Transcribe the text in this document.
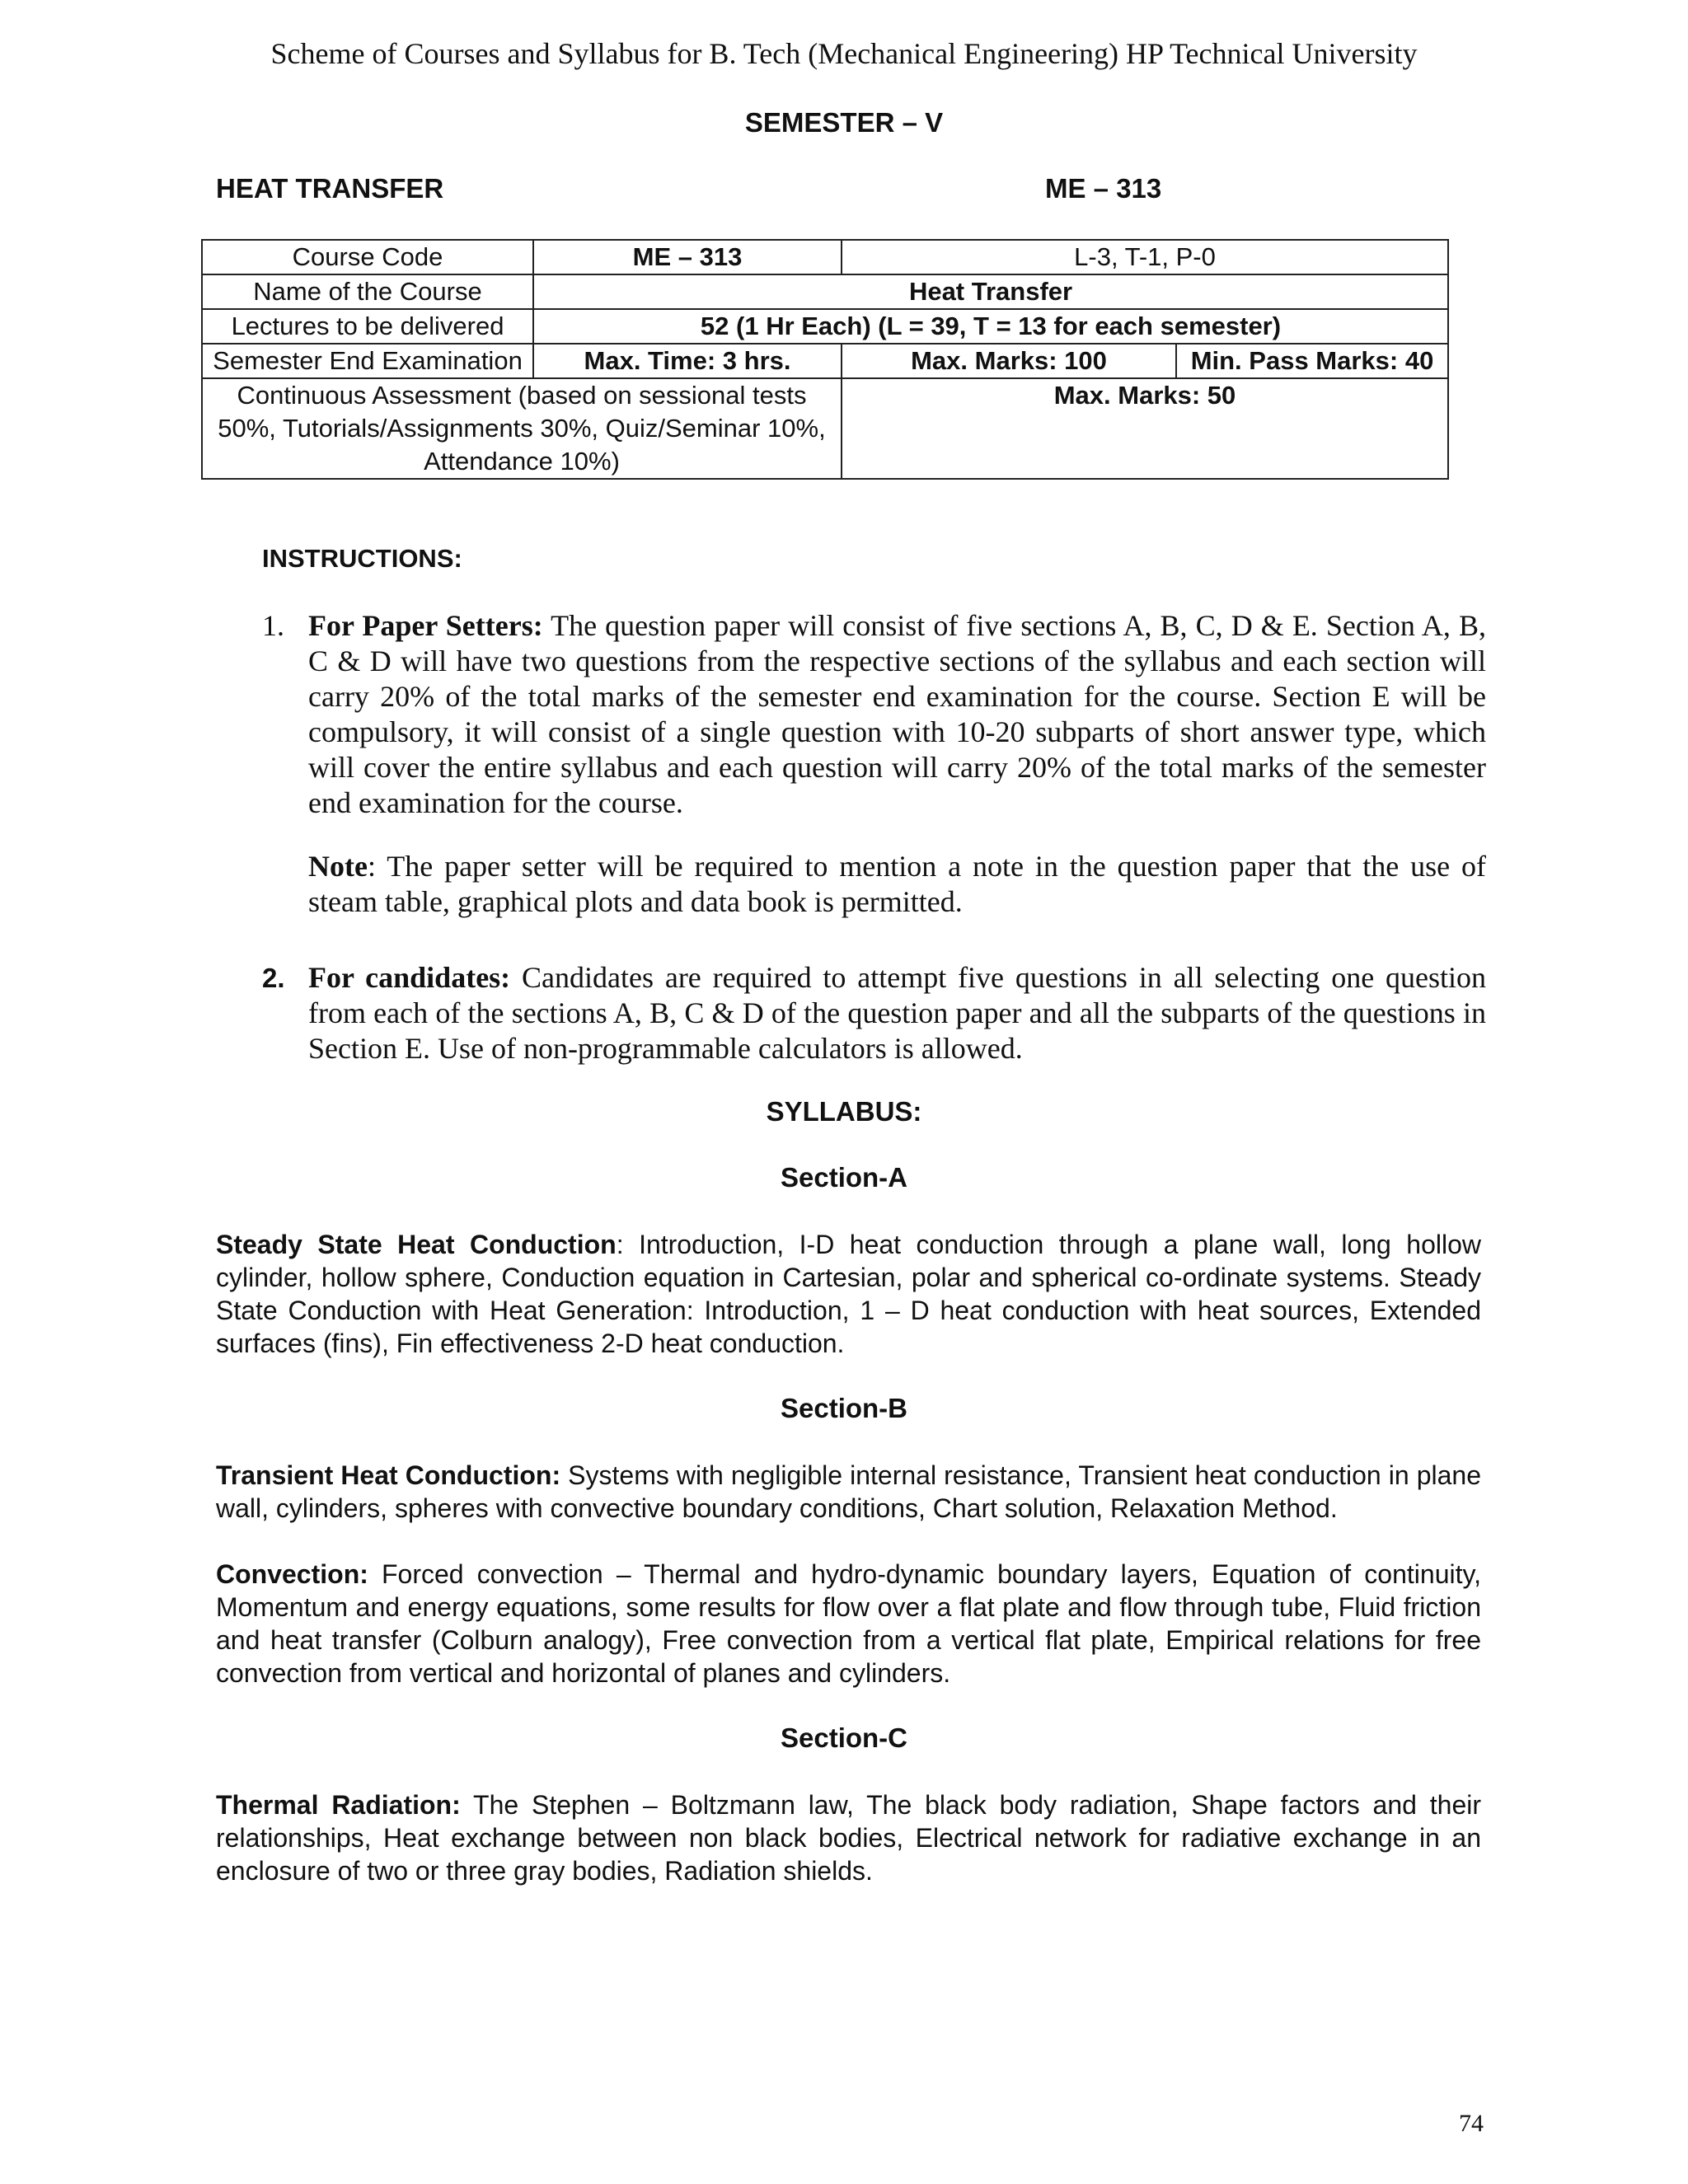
Scheme of Courses and Syllabus for B. Tech (Mechanical Engineering) HP Technical University
SEMESTER – V
HEAT TRANSFER	ME – 313
Course Code	ME – 313	L-3, T-1, P-0	
Name of the Course	Heat Transfer		
Lectures to be delivered	52 (1 Hr Each) (L = 39, T = 13 for each semester)		
Semester End Examination	Max. Time: 3 hrs.	Max. Marks: 100	Min. Pass Marks: 40
Continuous Assessment (based on sessional tests 50%, Tutorials/Assignments 30%, Quiz/Seminar 10%, Attendance 10%)		Max. Marks: 50	
INSTRUCTIONS:
1. For Paper Setters: The question paper will consist of five sections A, B, C, D & E. Section A, B, C & D will have two questions from the respective sections of the syllabus and each section will carry 20% of the total marks of the semester end examination for the course. Section E will be compulsory, it will consist of a single question with 10-20 subparts of short answer type, which will cover the entire syllabus and each question will carry 20% of the total marks of the semester end examination for the course.
Note: The paper setter will be required to mention a note in the question paper that the use of steam table, graphical plots and data book is permitted.
2. For candidates: Candidates are required to attempt five questions in all selecting one question from each of the sections A, B, C & D of the question paper and all the subparts of the questions in Section E. Use of non-programmable calculators is allowed.
SYLLABUS:
Section-A
Steady State Heat Conduction: Introduction, I-D heat conduction through a plane wall, long hollow cylinder, hollow sphere, Conduction equation in Cartesian, polar and spherical co-ordinate systems. Steady State Conduction with Heat Generation: Introduction, 1 – D heat conduction with heat sources, Extended surfaces (fins), Fin effectiveness 2-D heat conduction.
Section-B
Transient Heat Conduction: Systems with negligible internal resistance, Transient heat conduction in plane wall, cylinders, spheres with convective boundary conditions, Chart solution, Relaxation Method.
Convection: Forced convection – Thermal and hydro-dynamic boundary layers, Equation of continuity, Momentum and energy equations, some results for flow over a flat plate and flow through tube, Fluid friction and heat transfer (Colburn analogy), Free convection from a vertical flat plate, Empirical relations for free convection from vertical and horizontal of planes and cylinders.
Section-C
Thermal Radiation: The Stephen – Boltzmann law, The black body radiation, Shape factors and their relationships, Heat exchange between non black bodies, Electrical network for radiative exchange in an enclosure of two or three gray bodies, Radiation shields.
74
